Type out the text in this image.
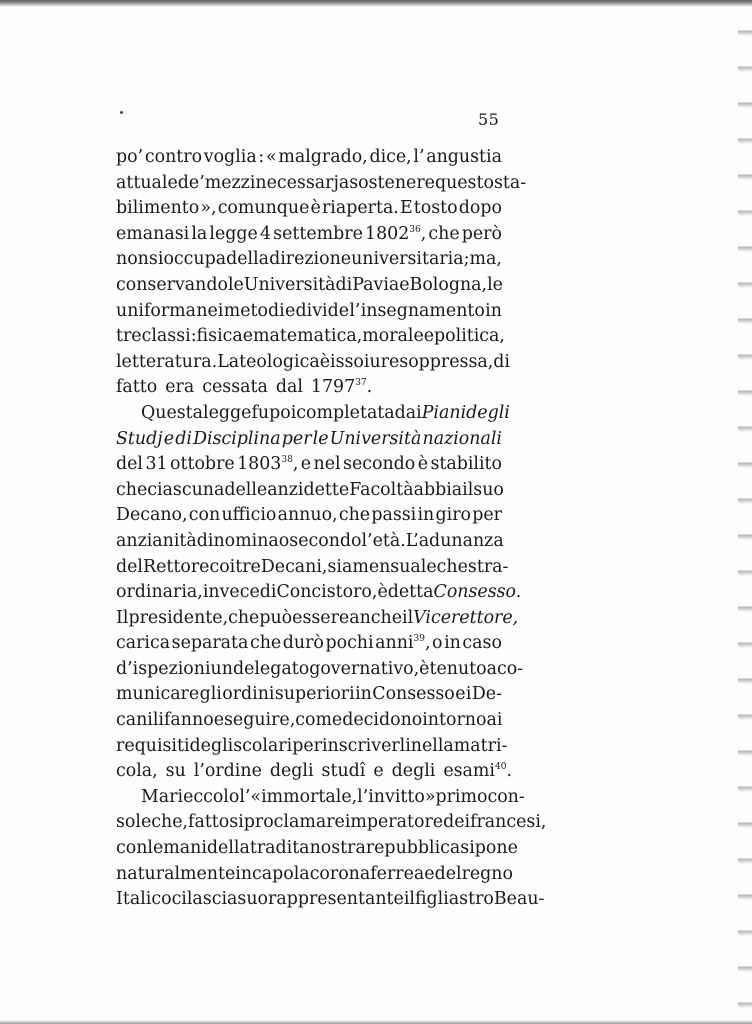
55
po’ contro voglia : « malgrado, dice, l’ angustia
attuale de’ mezzi necessarj a sostenere questo sta-
bilimento », comunque è riaperta. E tosto dopo
emanasi la legge 4 settembre 1802$^{36}$, che però
non si occupa della direzione universitaria; ma ,
conservando le Università di Pavia e Bologna, le
uniforma nei metodi e divide l’ insegnamento in
tre classi : fisica e matematica, morale e politica,
letteratura. La teologica è issoiure soppressa, di
fatto era cessata dal 1797$^{37}$.
Questa legge fu poi completata dai Piani degli
Studj e di Disciplina per le Università nazionali
del 31 ottobre 1803$^{38}$, e nel secondo è stabilito
che ciascuna delle anzidette Facoltà abbia il suo
Decano, con ufficio annuo, che passi in giro per
anzianità di nomina o secondo l’ età. L’ adunanza
del Rettore coi tre Decani, sia mensuale che stra-
ordinaria, in vece di Concistoro, è detta Consesso.
Il presidente, che può essere anche il Vicerettore,
carica separata che durò pochi anni$^{39}$, o in caso
d’ispezioni un delegato governativo, è tenuto a co-
municare gli ordini superiori in Consesso e i De-
cani li fanno eseguire, come decidono intorno ai
requisiti degli scolari per inscriverli nella matri-
cola, su l’ordine degli studî e degli esami$^{40}$.
Ma rieccolo l’« immortale, l’invitto » primo con-
sole che, fattosi proclamare imperatore dei francesi,
con le mani della tradita nostra repubblica si pone
naturalmente in capo la corona ferrea e del regno
Italico ci lascia suo rappresentante il figliastro Beau-
